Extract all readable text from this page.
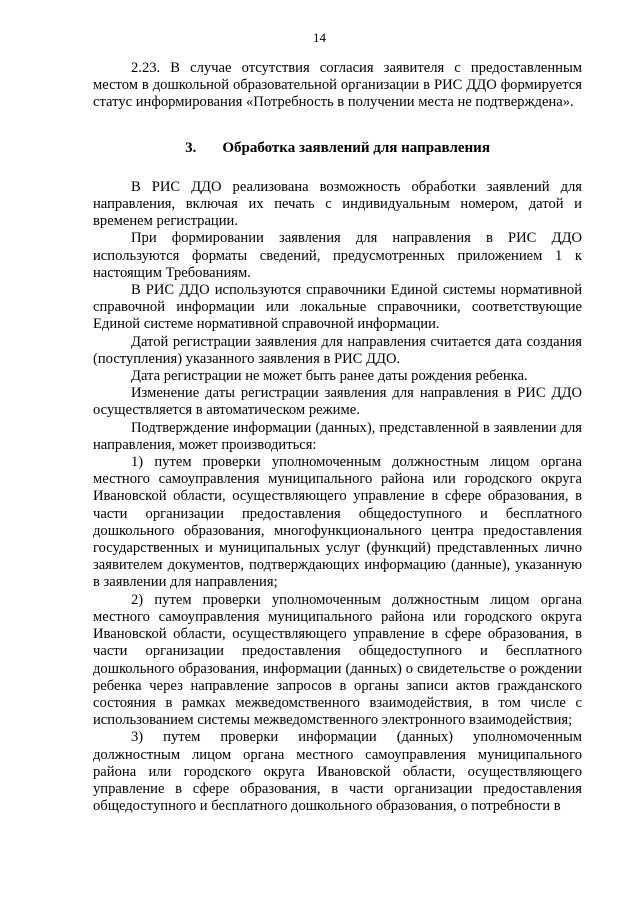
14

2.23. В случае отсутствия согласия заявителя с предоставленным местом в дошкольной образовательной организации в РИС ДДО формируется статус информирования «Потребность в получении места не подтверждена».

3. Обработка заявлений для направления

В РИС ДДО реализована возможность обработки заявлений для направления, включая их печать с индивидуальным номером, датой и временем регистрации.

При формировании заявления для направления в РИС ДДО используются форматы сведений, предусмотренных приложением 1 к настоящим Требованиям.

В РИС ДДО используются справочники Единой системы нормативной справочной информации или локальные справочники, соответствующие Единой системе нормативной справочной информации.

Датой регистрации заявления для направления считается дата создания (поступления) указанного заявления в РИС ДДО.

Дата регистрации не может быть ранее даты рождения ребенка.

Изменение даты регистрации заявления для направления в РИС ДДО осуществляется в автоматическом режиме.

Подтверждение информации (данных), представленной в заявлении для направления, может производиться:

1) путем проверки уполномоченным должностным лицом органа местного самоуправления муниципального района или городского округа Ивановской области, осуществляющего управление в сфере образования, в части организации предоставления общедоступного и бесплатного дошкольного образования, многофункционального центра предоставления государственных и муниципальных услуг (функций) представленных лично заявителем документов, подтверждающих информацию (данные), указанную в заявлении для направления;

2) путем проверки уполномоченным должностным лицом органа местного самоуправления муниципального района или городского округа Ивановской области, осуществляющего управление в сфере образования, в части организации предоставления общедоступного и бесплатного дошкольного образования, информации (данных) о свидетельстве о рождении ребенка через направление запросов в органы записи актов гражданского состояния в рамках межведомственного взаимодействия, в том числе с использованием системы межведомственного электронного взаимодействия;

3) путем проверки информации (данных) уполномоченным должностным лицом органа местного самоуправления муниципального района или городского округа Ивановской области, осуществляющего управление в сфере образования, в части организации предоставления общедоступного и бесплатного дошкольного образования, о потребности в
